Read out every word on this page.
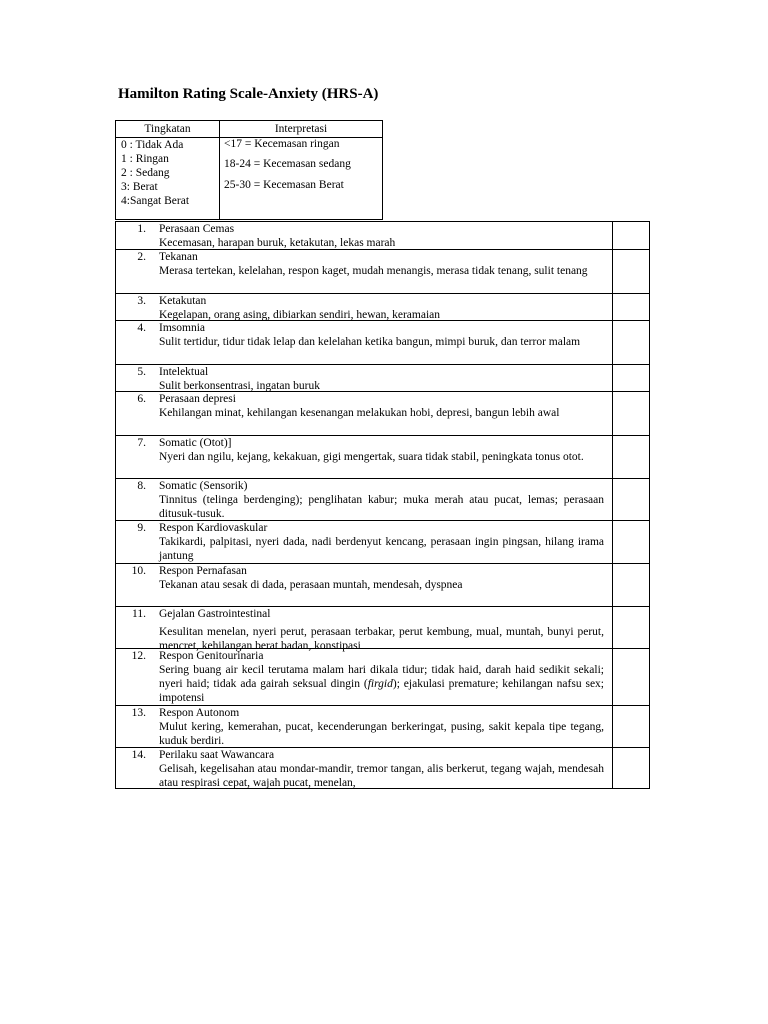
Hamilton Rating Scale-Anxiety (HRS-A)
Tingkatan	Interpretasi
0 : Tidak Ada
1 : Ringan
2 : Sedang
3: Berat
4:Sangat Berat
<17 = Kecemasan ringan
18-24 = Kecemasan sedang
25-30 = Kecemasan Berat
1. Perasaan Cemas
Kecemasan, harapan buruk, ketakutan, lekas marah
2. Tekanan
Merasa tertekan, kelelahan, respon kaget, mudah menangis, merasa tidak tenang, sulit tenang
3. Ketakutan
Kegelapan, orang asing, dibiarkan sendiri, hewan, keramaian
4. Imsomnia
Sulit tertidur, tidur tidak lelap dan kelelahan ketika bangun, mimpi buruk, dan terror malam
5. Intelektual
Sulit berkonsentrasi, ingatan buruk
6. Perasaan depresi
Kehilangan minat, kehilangan kesenangan melakukan hobi, depresi, bangun lebih awal
7. Somatic (Otot)]
Nyeri dan ngilu, kejang, kekakuan, gigi mengertak, suara tidak stabil, peningkata tonus otot.
8. Somatic (Sensorik)
Tinnitus (telinga berdenging); penglihatan kabur; muka merah atau pucat, lemas; perasaan ditusuk-tusuk.
9. Respon Kardiovaskular
Takikardi, palpitasi, nyeri dada, nadi berdenyut kencang, perasaan ingin pingsan, hilang irama jantung
10. Respon Pernafasan
Tekanan atau sesak di dada, perasaan muntah, mendesah, dyspnea
11. Gejalan Gastrointestinal
Kesulitan menelan, nyeri perut, perasaan terbakar, perut kembung, mual, muntah, bunyi perut, mencret, kehilangan berat badan, konstipasi
12. Respon Genitourinaria
Sering buang air kecil terutama malam hari dikala tidur; tidak haid, darah haid sedikit sekali; nyeri haid; tidak ada gairah seksual dingin (firgid); ejakulasi premature; kehilangan nafsu sex; impotensi
13. Respon Autonom
Mulut kering, kemerahan, pucat, kecenderungan berkeringat, pusing, sakit kepala tipe tegang, kuduk berdiri.
14. Perilaku saat Wawancara
Gelisah, kegelisahan atau mondar-mandir, tremor tangan, alis berkerut, tegang wajah, mendesah atau respirasi cepat, wajah pucat, menelan,
